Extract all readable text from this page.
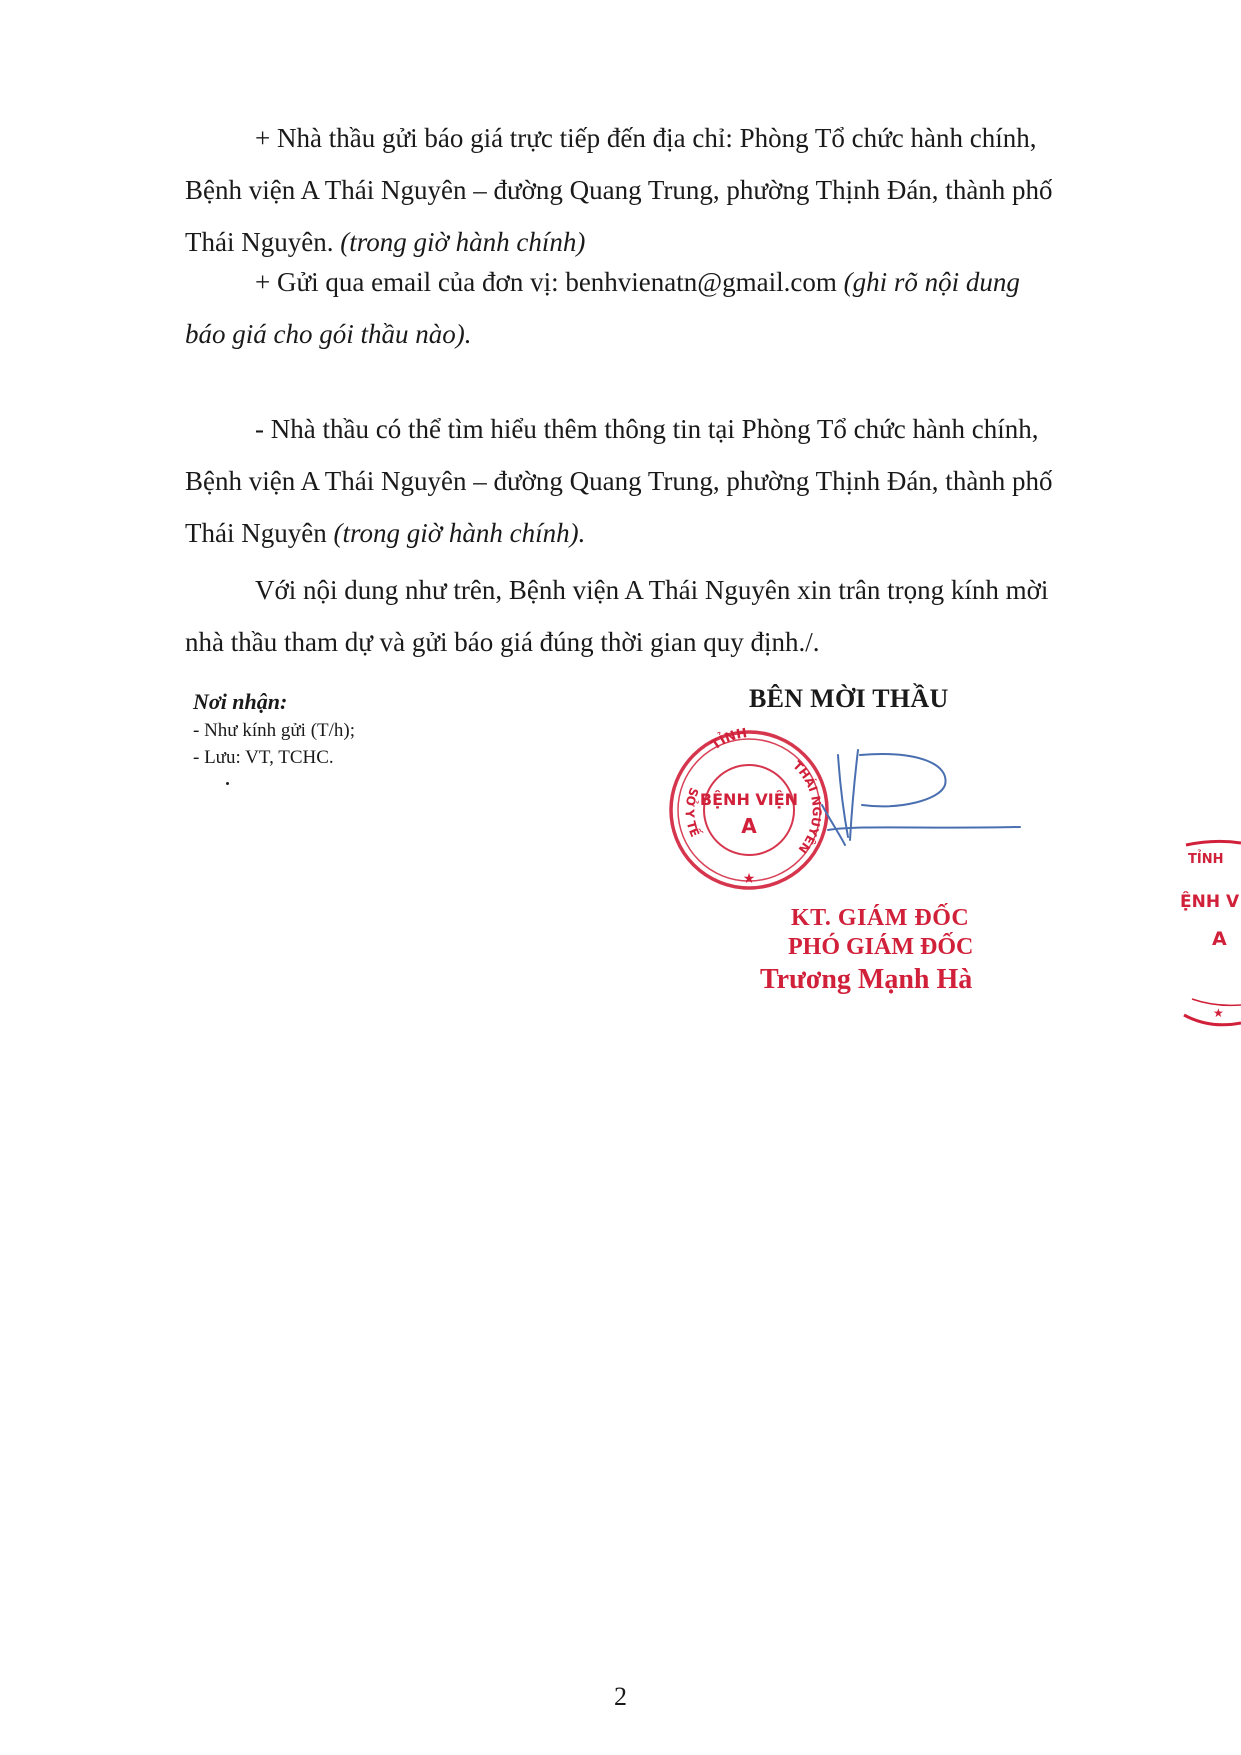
+ Nhà thầu gửi báo giá trực tiếp đến địa chỉ: Phòng Tổ chức hành chính,
Bệnh viện A Thái Nguyên – đường Quang Trung, phường Thịnh Đán, thành phố
Thái Nguyên. (trong giờ hành chính)

+ Gửi qua email của đơn vị: benhvienatn@gmail.com (ghi rõ nội dung
báo giá cho gói thầu nào).

- Nhà thầu có thể tìm hiểu thêm thông tin tại Phòng Tổ chức hành chính,
Bệnh viện A Thái Nguyên – đường Quang Trung, phường Thịnh Đán, thành phố
Thái Nguyên (trong giờ hành chính).

Với nội dung như trên, Bệnh viện A Thái Nguyên xin trân trọng kính mời
nhà thầu tham dự và gửi báo giá đúng thời gian quy định./.

Nơi nhận:
- Như kính gửi (T/h);
- Lưu: VT, TCHC.
BÊN MỜI THẦU
TỈNH
THÁI NGUYÊN
SỞ Y TẾ
BỆNH VIỆN
A
★
KT. GIÁM ĐỐC
PHÓ GIÁM ĐỐC
Trương Mạnh Hà
TỈNH
ỆNH V
A
★
2
